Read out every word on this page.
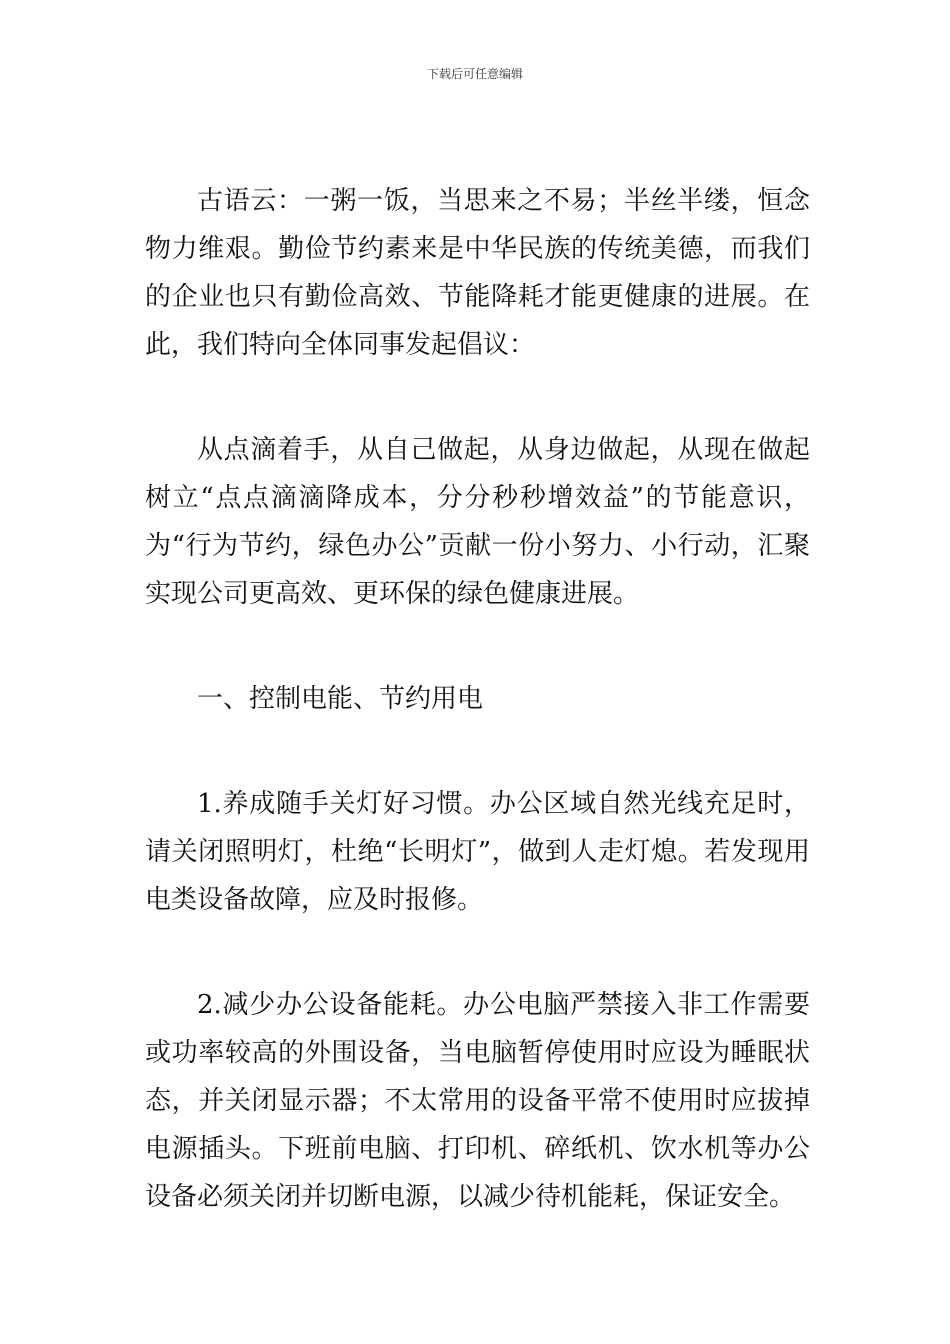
下载后可任意编辑

古语云：一粥一饭，当思来之不易；半丝半缕，恒念物力维艰。勤俭节约素来是中华民族的传统美德，而我们的企业也只有勤俭高效、节能降耗才能更健康的进展。在此，我们特向全体同事发起倡议：

从点滴着手，从自己做起，从身边做起，从现在做起树立“点点滴滴降成本，分分秒秒增效益”的节能意识，为“行为节约，绿色办公”贡献一份小努力、小行动，汇聚实现公司更高效、更环保的绿色健康进展。

一、控制电能、节约用电

1.养成随手关灯好习惯。办公区域自然光线充足时，请关闭照明灯，杜绝“长明灯”，做到人走灯熄。若发现用电类设备故障，应及时报修。

2.减少办公设备能耗。办公电脑严禁接入非工作需要或功率较高的外围设备，当电脑暂停使用时应设为睡眠状态，并关闭显示器；不太常用的设备平常不使用时应拔掉电源插头。下班前电脑、打印机、碎纸机、饮水机等办公设备必须关闭并切断电源，以减少待机能耗，保证安全。
